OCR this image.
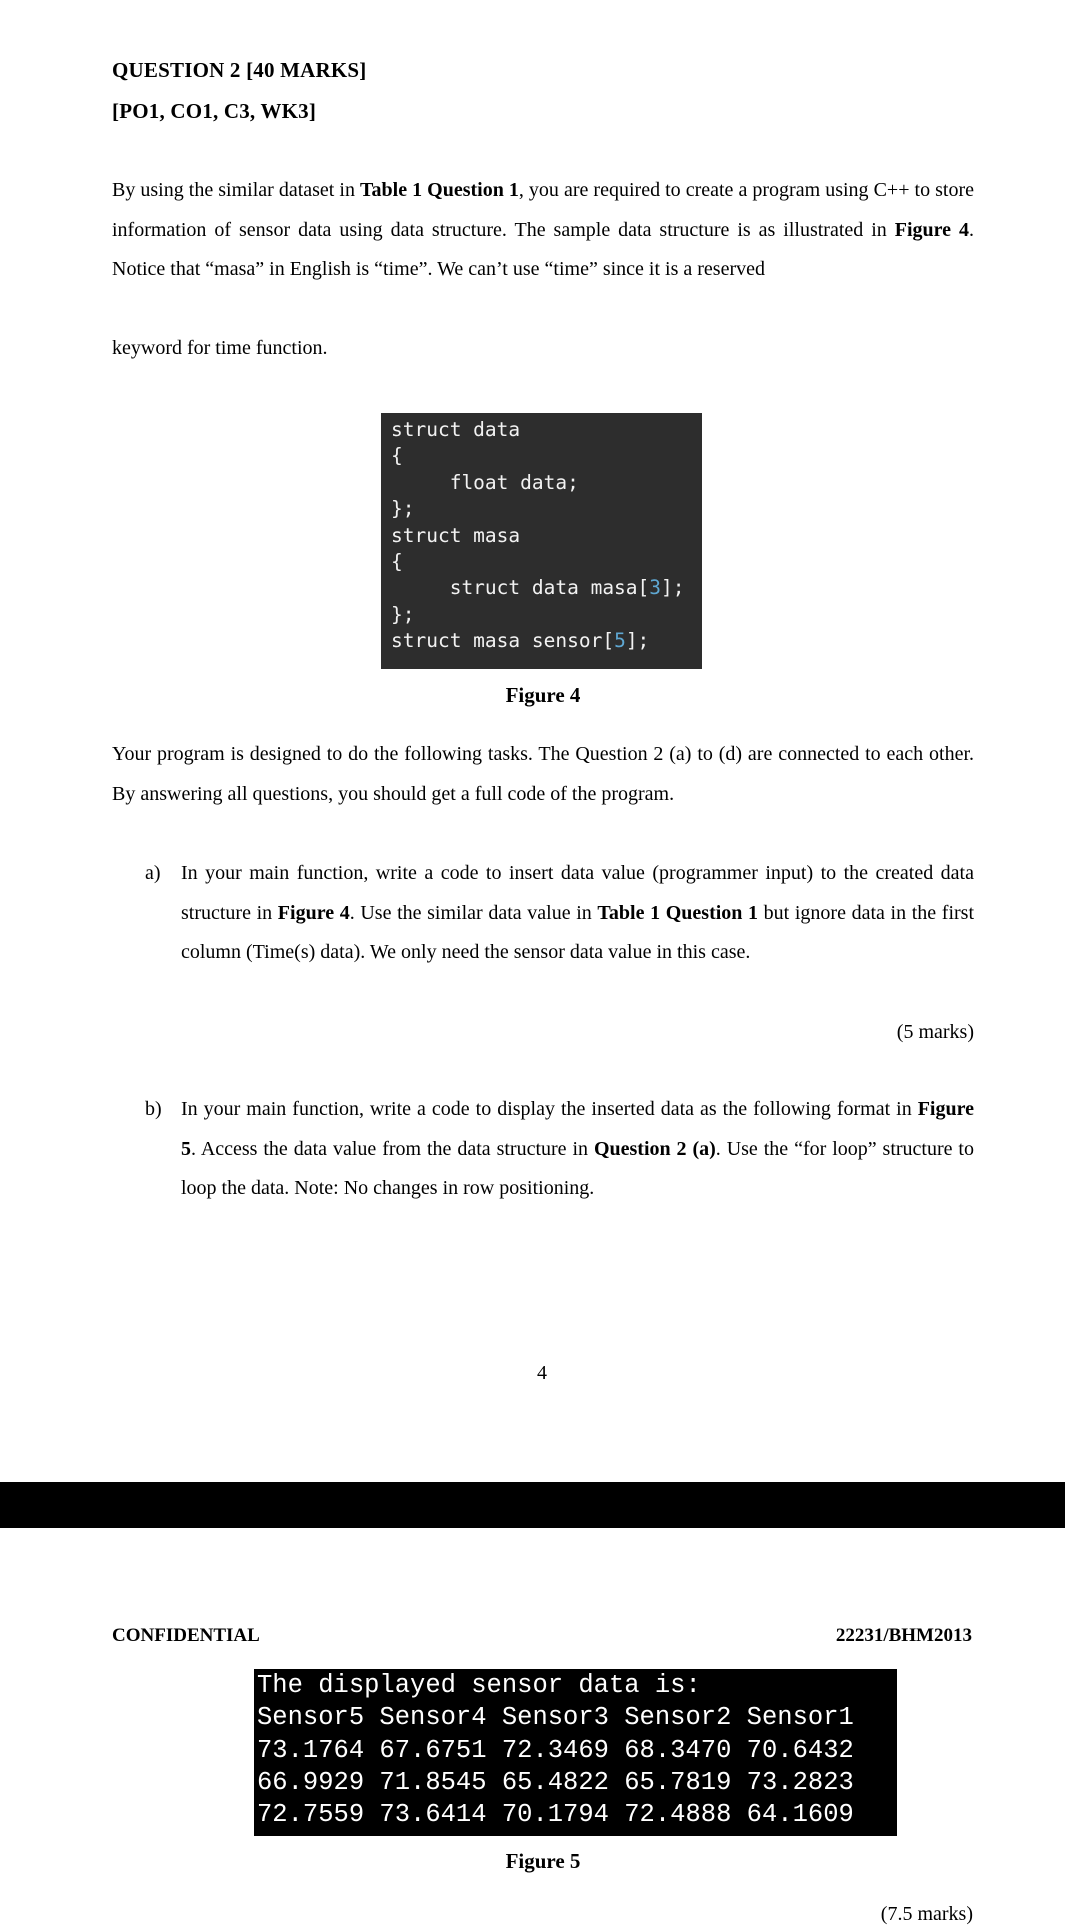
QUESTION 2 [40 MARKS]
[PO1, CO1, C3, WK3]
By using the similar dataset in Table 1 Question 1, you are required to create a program using C++ to store information of sensor data using data structure. The sample data structure is as illustrated in Figure 4. Notice that “masa” in English is “time”. We can’t use “time” since it is a reserved
keyword for time function.
struct data
{
float data;
};
struct masa
{
struct data masa[3];
};
struct masa sensor[5];
Figure 4
Your program is designed to do the following tasks. The Question 2 (a) to (d) are connected to each other. By answering all questions, you should get a full code of the program.
a) In your main function, write a code to insert data value (programmer input) to the created data structure in Figure 4. Use the similar data value in Table 1 Question 1 but ignore data in the first column (Time(s) data). We only need the sensor data value in this case.
(5 marks)
b) In your main function, write a code to display the inserted data as the following format in Figure 5. Access the data value from the data structure in Question 2 (a). Use the “for loop” structure to loop the data. Note: No changes in row positioning.
4
CONFIDENTIAL	22231/BHM2013
The displayed sensor data is:
Sensor5 Sensor4 Sensor3 Sensor2 Sensor1
73.1764 67.6751 72.3469 68.3470 70.6432
66.9929 71.8545 65.4822 65.7819 73.2823
72.7559 73.6414 70.1794 72.4888 64.1609
Figure 5
(7.5 marks)
